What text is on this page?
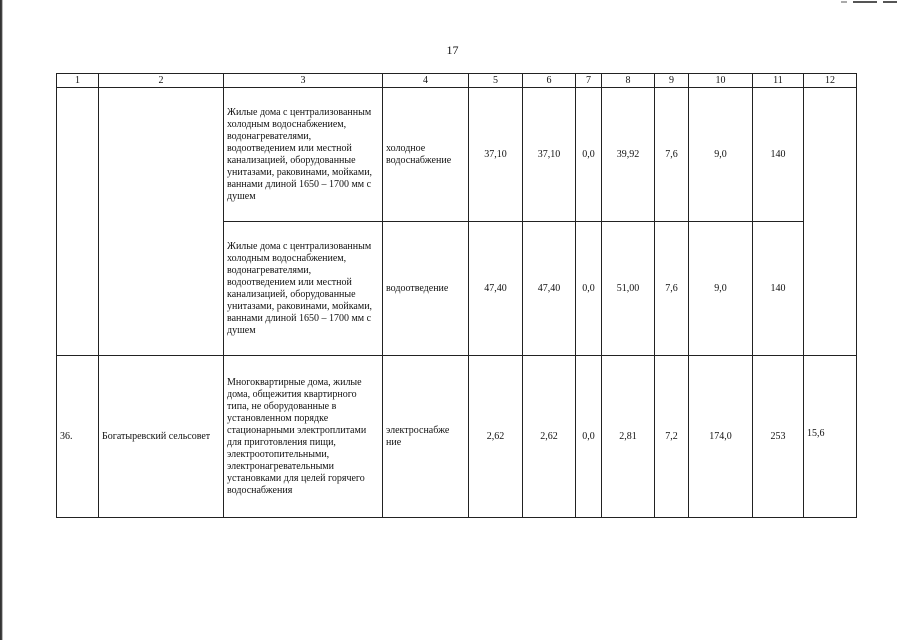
17
1	2	3	4	5	6	7	8	9	10	11	12
		Жилые дома с централизованным холодным водоснабжением, водонагревателями, водоотведением или местной канализацией, оборудованные унитазами, раковинами, мойками, ваннами длиной 1650 – 1700 мм с душем	холодное водоснабжение	37,10	37,10	0,0	39,92	7,6	9,0	140	
		Жилые дома с централизованным холодным водоснабжением, водонагревателями, водоотведением или местной канализацией, оборудованные унитазами, раковинами, мойками, ваннами длиной 1650 – 1700 мм с душем	водоотведение	47,40	47,40	0,0	51,00	7,6	9,0	140	
36.	Богатыревский сельсовет	Многоквартирные дома, жилые дома, общежития квартирного типа, не оборудованные в установленном порядке стационарными электроплитами для приготовления пищи, электроотопительными, электронагревательными установками для целей горячего водоснабжения	электроснабже ние	2,62	2,62	0,0	2,81	7,2	174,0	253	15,6
